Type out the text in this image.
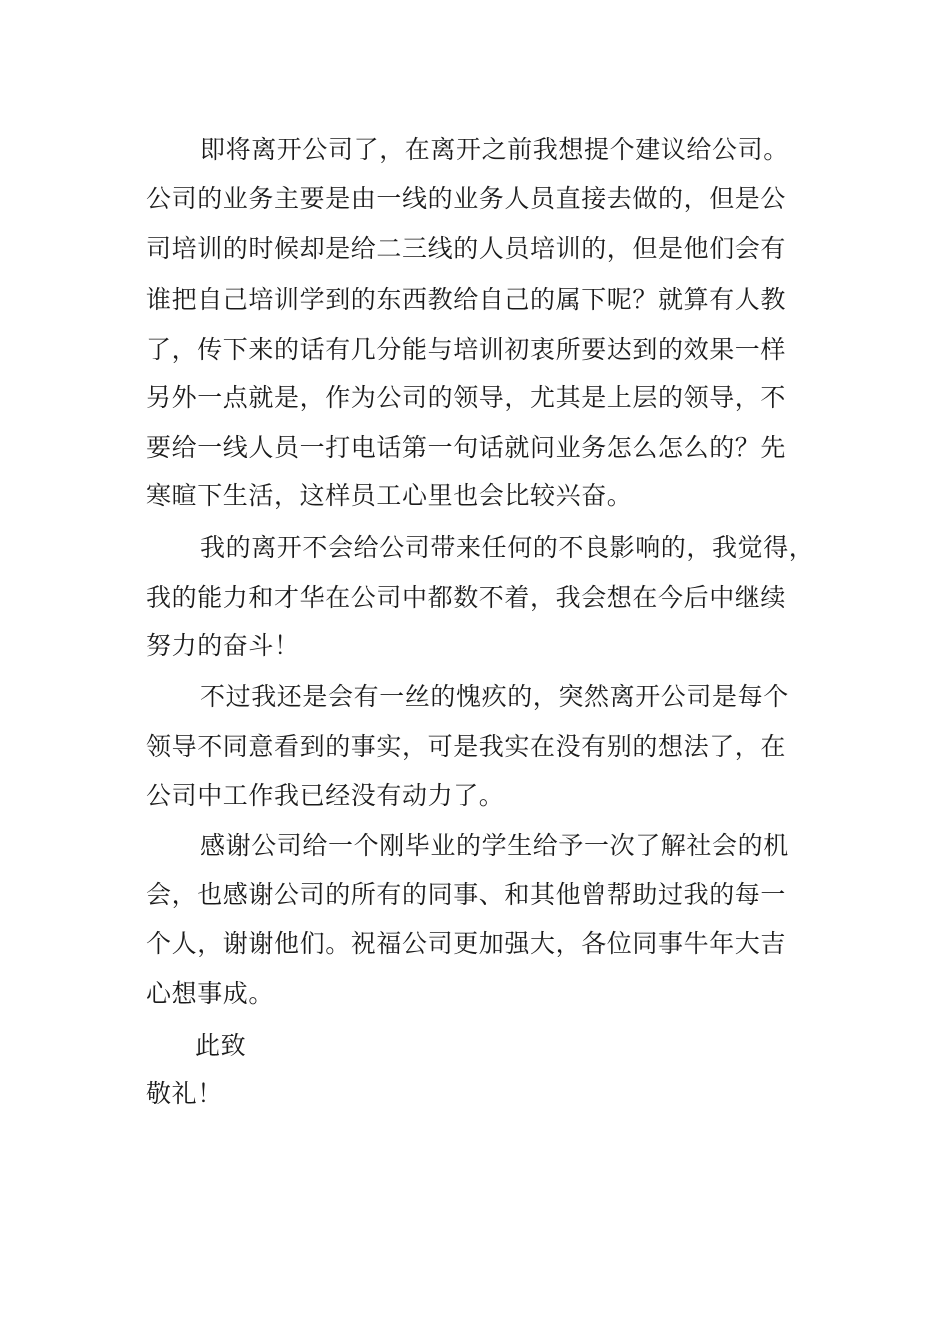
即将离开公司了，在离开之前我想提个建议给公司。

公司的业务主要是由一线的业务人员直接去做的，但是公

司培训的时候却是给二三线的人员培训的，但是他们会有

谁把自己培训学到的东西教给自己的属下呢？就算有人教

了，传下来的话有几分能与培训初衷所要达到的效果一样

另外一点就是，作为公司的领导，尤其是上层的领导，不

要给一线人员一打电话第一句话就问业务怎么怎么的？先

寒暄下生活，这样员工心里也会比较兴奋。

我的离开不会给公司带来任何的不良影响的，我觉得，

我的能力和才华在公司中都数不着，我会想在今后中继续

努力的奋斗！

不过我还是会有一丝的愧疚的，突然离开公司是每个

领导不同意看到的事实，可是我实在没有别的想法了，在

公司中工作我已经没有动力了。

感谢公司给一个刚毕业的学生给予一次了解社会的机

会，也感谢公司的所有的同事、和其他曾帮助过我的每一

个人，谢谢他们。祝福公司更加强大，各位同事牛年大吉

心想事成。

此致

敬礼！
